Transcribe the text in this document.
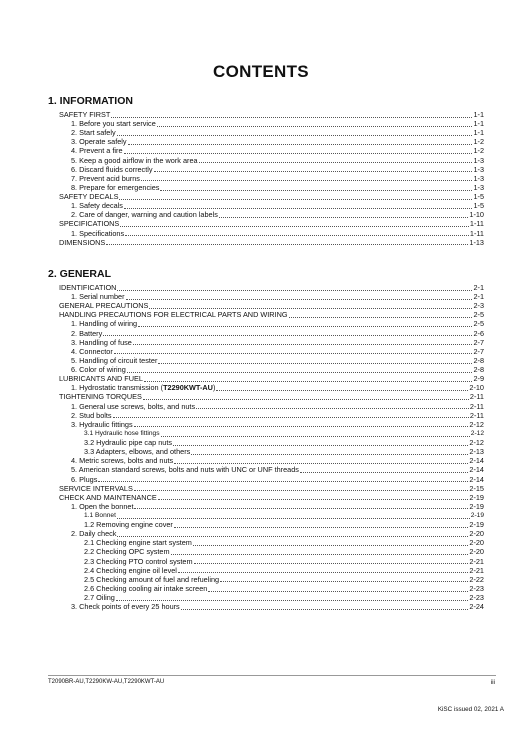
CONTENTS
1. INFORMATION
SAFETY FIRST	1-1
1. Before you start service	1-1
2. Start safely	1-1
3. Operate safely	1-2
4. Prevent a fire	1-2
5. Keep a good airflow in the work area	1-3
6. Discard fluids correctly	1-3
7. Prevent acid burns	1-3
8. Prepare for emergencies	1-3
SAFETY DECALS	1-5
1. Safety decals	1-5
2. Care of danger, warning and caution labels	1-10
SPECIFICATIONS	1-11
1. Specifications	1-11
DIMENSIONS	1-13
2. GENERAL
IDENTIFICATION	2-1
1. Serial number	2-1
GENERAL PRECAUTIONS	2-3
HANDLING PRECAUTIONS FOR ELECTRICAL PARTS AND WIRING	2-5
1. Handling of wiring	2-5
2. Battery	2-6
3. Handling of fuse	2-7
4. Connector	2-7
5. Handling of circuit tester	2-8
6. Color of wiring	2-8
LUBRICANTS AND FUEL	2-9
1. Hydrostatic transmission (T2290KWT-AU)	2-10
TIGHTENING TORQUES	2-11
1. General use screws, bolts, and nuts	2-11
2. Stud bolts	2-11
3. Hydraulic fittings	2-12
3.1 Hydraulic hose fittings	2-12
3.2 Hydraulic pipe cap nuts	2-12
3.3 Adapters, elbows, and others	2-13
4. Metric screws, bolts and nuts	2-14
5. American standard screws, bolts and nuts with UNC or UNF threads	2-14
6. Plugs	2-14
SERVICE INTERVALS	2-15
CHECK AND MAINTENANCE	2-19
1. Open the bonnet	2-19
1.1 Bonnet	2-19
1.2 Removing engine cover	2-19
2. Daily check	2-20
2.1 Checking engine start system	2-20
2.2 Checking OPC system	2-20
2.3 Checking PTO control system	2-21
2.4 Checking engine oil level	2-21
2.5 Checking amount of fuel and refueling	2-22
2.6 Checking cooling air intake screen	2-23
2.7 Oiling	2-23
3. Check points of every 25 hours	2-24
T2090BR-AU,T2290KW-AU,T2290KWT-AU	iii
KiSC issued 02, 2021 A
